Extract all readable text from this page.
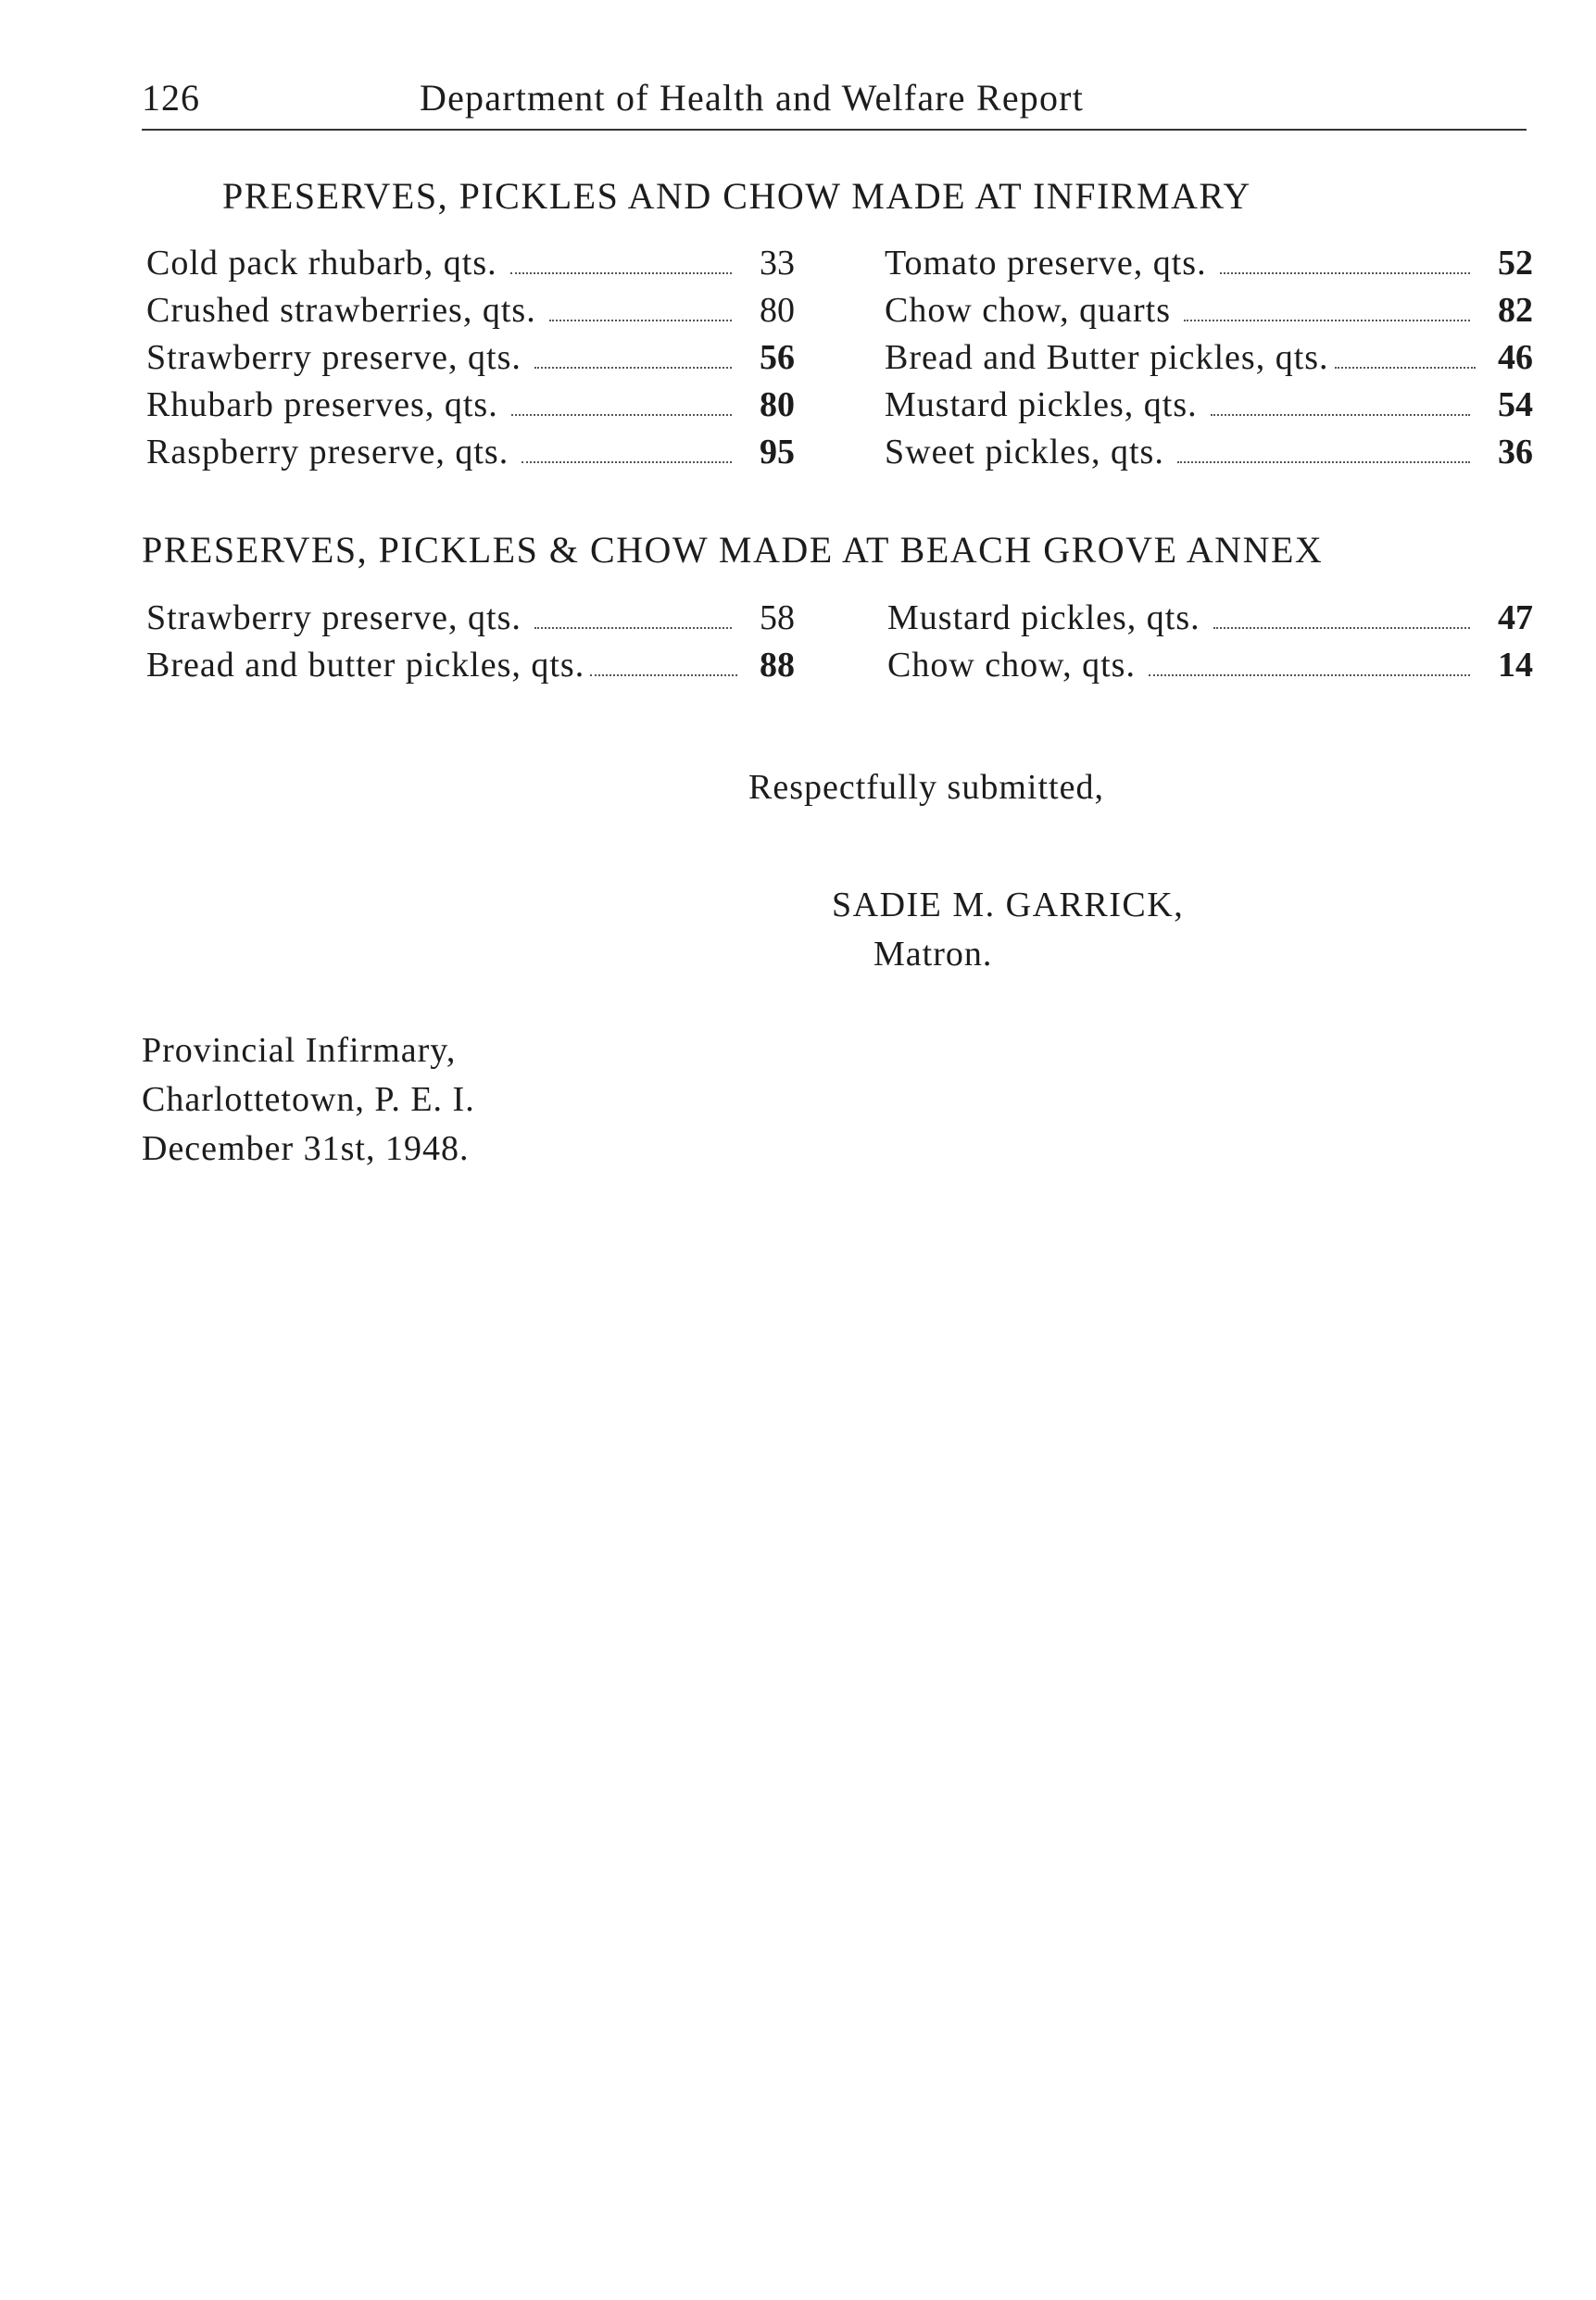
126	Department of Health and Welfare Report
PRESERVES, PICKLES AND CHOW MADE AT INFIRMARY
Cold pack rhubarb, qts.	33
Crushed strawberries, qts.	80
Strawberry preserve, qts.	56
Rhubarb preserves, qts.	80
Raspberry preserve, qts.	95
Tomato preserve, qts.	52
Chow chow, quarts	82
Bread and Butter pickles, qts.	46
Mustard pickles, qts.	54
Sweet pickles, qts.	36
PRESERVES, PICKLES & CHOW MADE AT BEACH GROVE ANNEX
Strawberry preserve, qts.	58
Bread and butter pickles, qts.	88
Mustard pickles, qts.	47
Chow chow, qts.	14
Respectfully submitted,
SADIE M. GARRICK,
Matron.
Provincial Infirmary,
Charlottetown, P. E. I.
December 31st, 1948.
